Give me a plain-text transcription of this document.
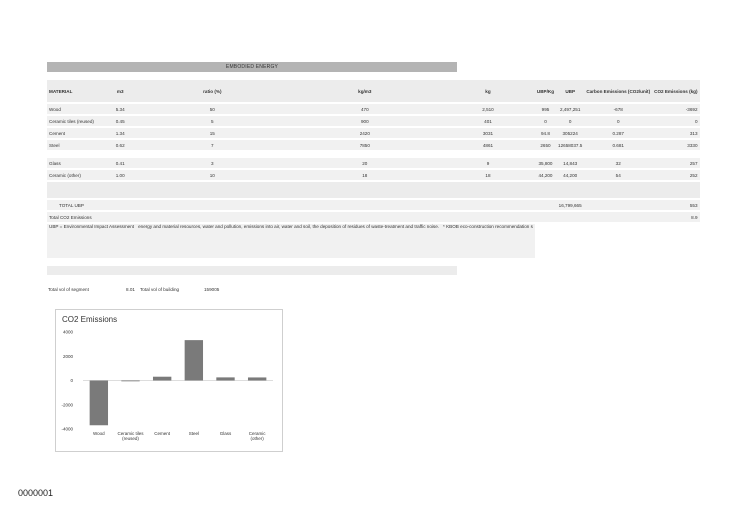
EMBODIED ENERGY
MATERIAL	m3	ratio (%)	kg/m3	kg	UBP/Kg	UBP	Carbon Emissions (CO2/unit)	CO2 Emissions (kg)

Wood	5.34	50	470	2,510	995	2,497,251	-678	-3692

Ceramic tiles (reused)	0.45	5	900	401	0	0	0	0

Cement	1.34	15	2420	3031	94.8	305224	0.287	313

Steel	0.62	7	7850	4861	2650	12658037.5	0.681	3330

Glass	0.41	3	20	9	35,800	14,843	32	257

Ceramic (other)	1.00	10	18	18	44,200	44,200	54	252

TOTAL UBP						16,799,665		553

Total CO2 Emissions								8.9

UBP = Environmental Impact Assessment		energy and material resources, water and pollution, emissions into air, water and soil, the deposition of residues of waste-treatment and traffic noise.		* KBOB eco-construction recommendation s				
Total vol of segment	8.01 Total vol of building	159005
CO2 Emissions
4000
2000
0
-2000
-4000
Wood	Ceramic tiles
(reused)
Cement	Steel	Glass	Ceramic
(other)
0000001
